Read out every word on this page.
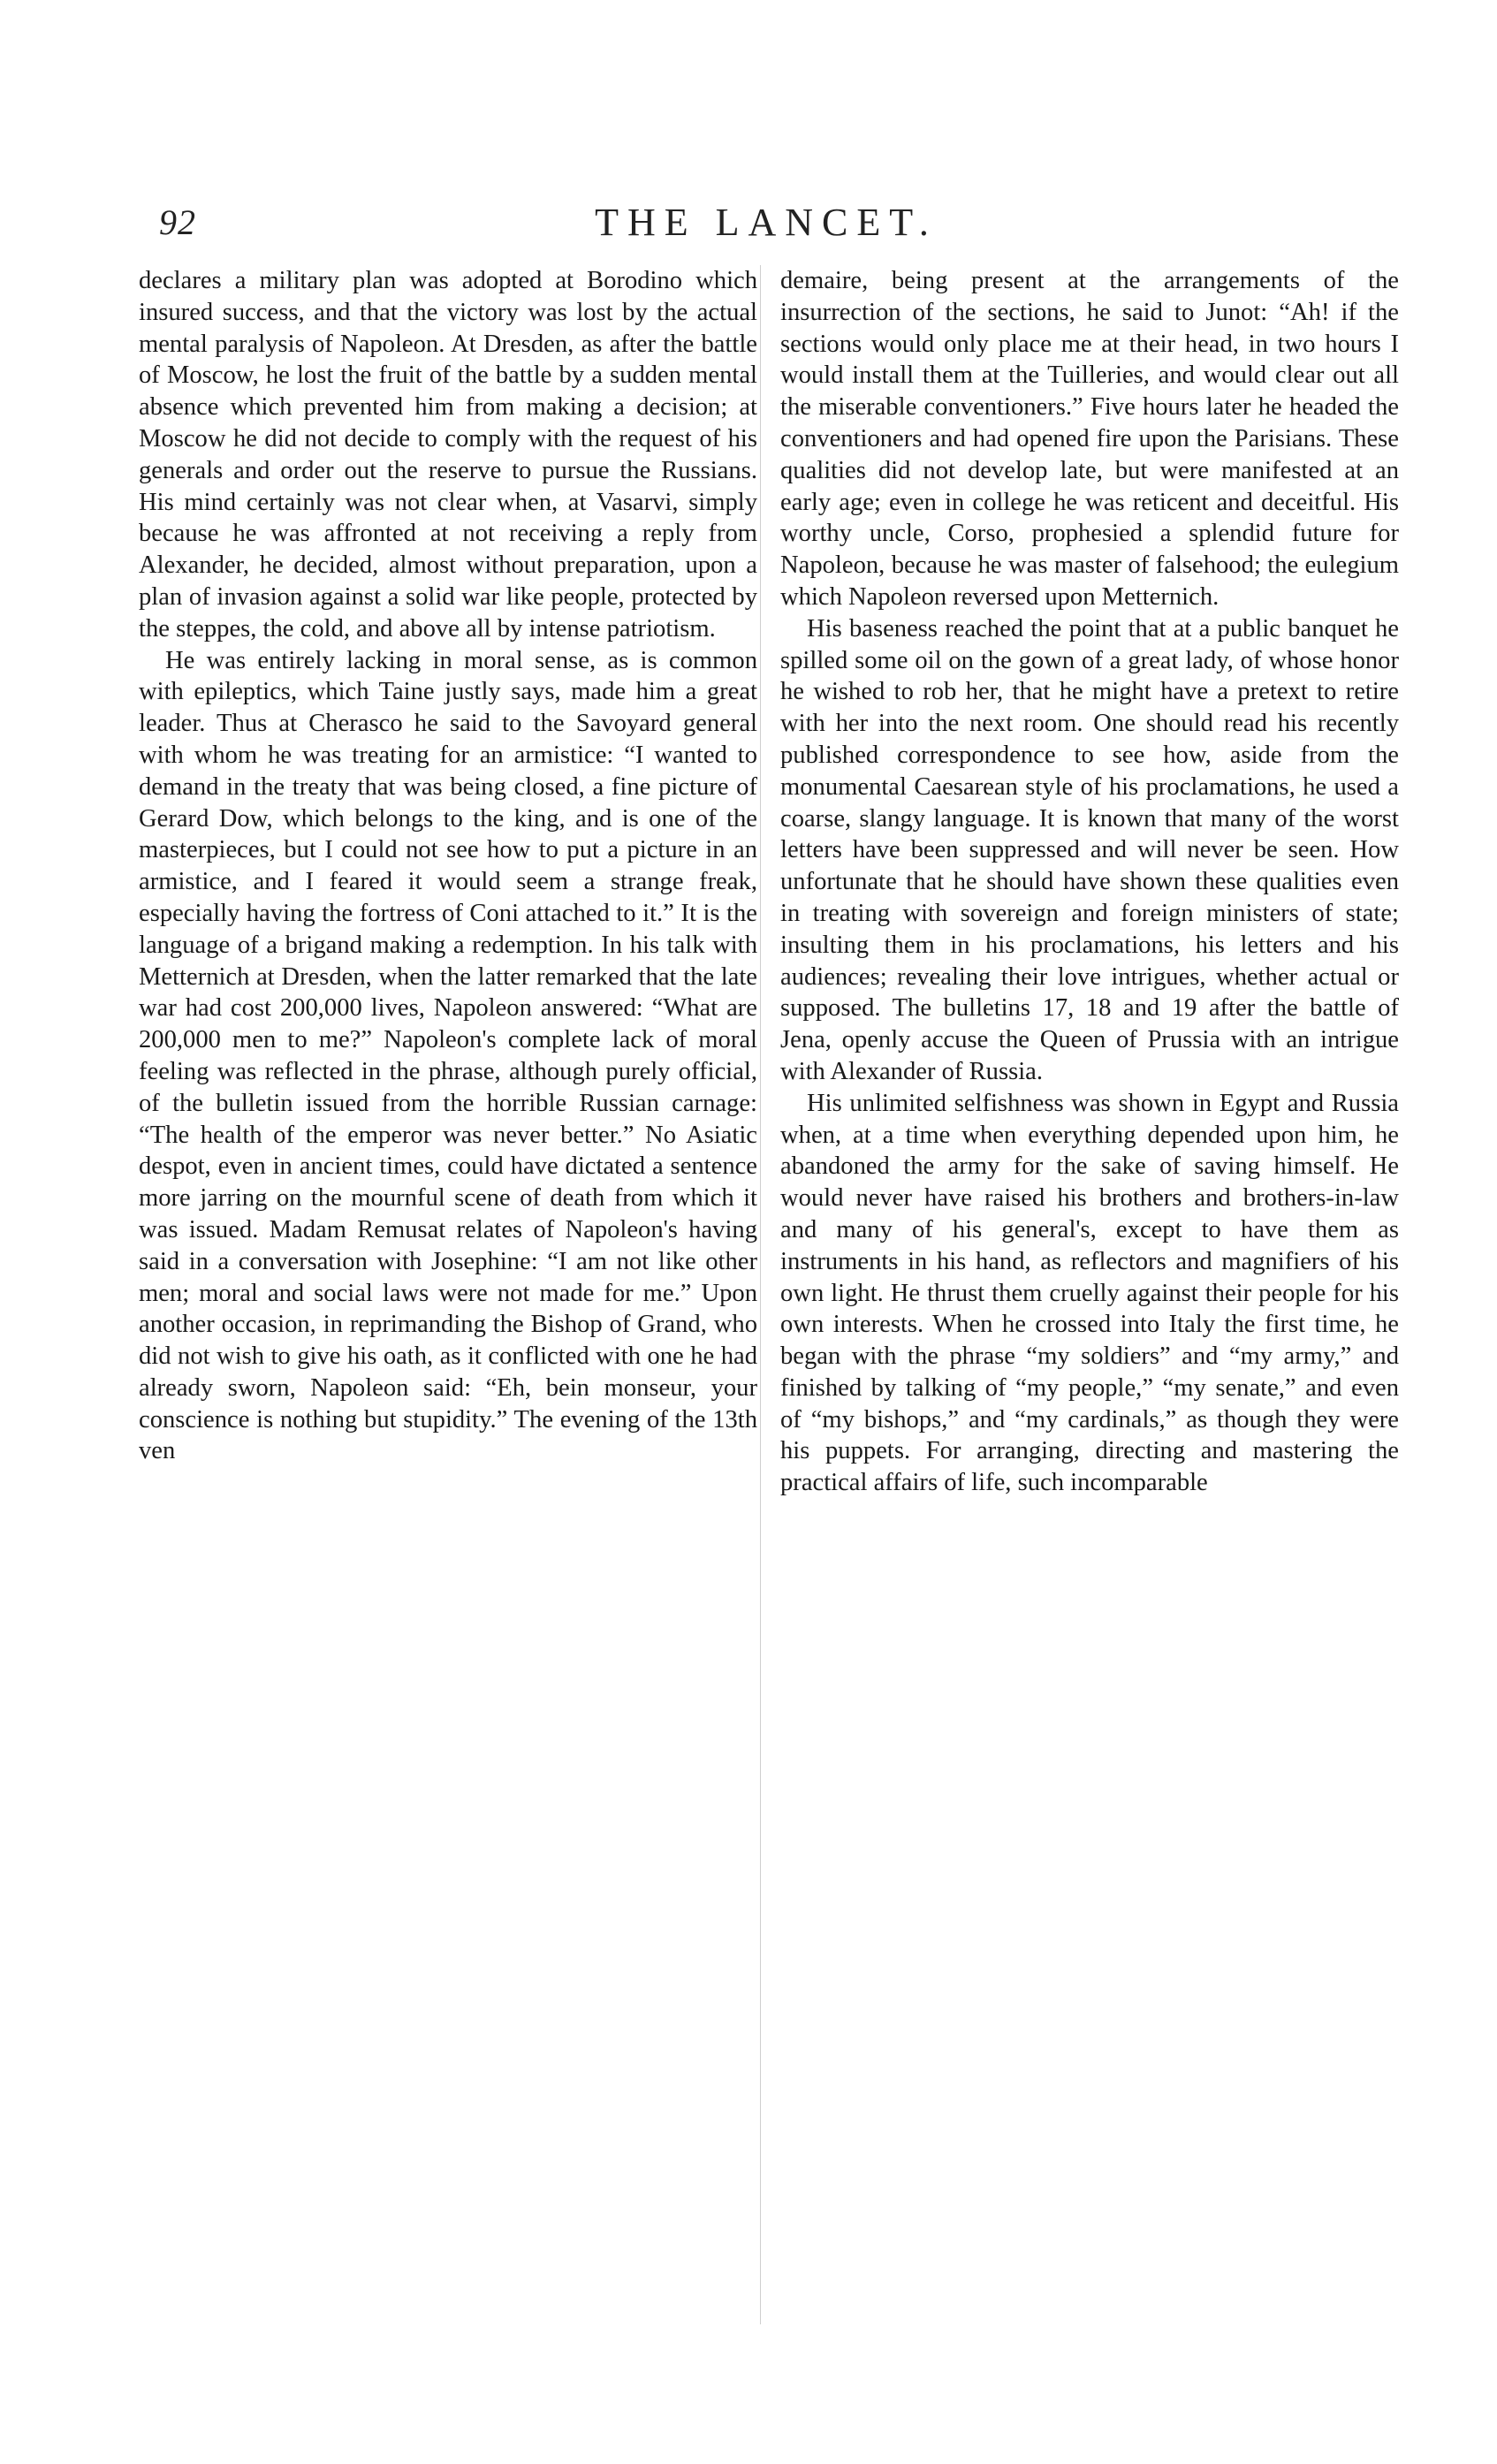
92	THE LANCET.

declares a military plan was adopted at Borodino which insured success, and that the victory was lost by the actual mental paralysis of Napoleon. At Dresden, as after the battle of Moscow, he lost the fruit of the battle by a sudden mental absence which prevented him from making a decision; at Moscow he did not decide to comply with the request of his generals and order out the reserve to pursue the Russians. His mind certainly was not clear when, at Vasarvi, simply because he was affronted at not receiving a reply from Alexander, he decided, almost without preparation, upon a plan of invasion against a solid war like people, protected by the steppes, the cold, and above all by intense patriotism.

He was entirely lacking in moral sense, as is common with epileptics, which Taine justly says, made him a great leader. Thus at Cherasco he said to the Savoyard general with whom he was treating for an armistice: “I wanted to demand in the treaty that was being closed, a fine picture of Gerard Dow, which belongs to the king, and is one of the masterpieces, but I could not see how to put a picture in an armistice, and I feared it would seem a strange freak, especially having the fortress of Coni attached to it.” It is the language of a brigand making a redemption. In his talk with Metternich at Dresden, when the latter remarked that the late war had cost 200,000 lives, Napoleon answered: “What are 200,000 men to me?” Napoleon's complete lack of moral feeling was reflected in the phrase, although purely official, of the bulletin issued from the horrible Russian carnage: “The health of the emperor was never better.” No Asiatic despot, even in ancient times, could have dictated a sentence more jarring on the mournful scene of death from which it was issued. Madam Remusat relates of Napoleon's having said in a conversation with Josephine: “I am not like other men; moral and social laws were not made for me.” Upon another occasion, in reprimanding the Bishop of Grand, who did not wish to give his oath, as it conflicted with one he had already sworn, Napoleon said: “Eh, bein monseur, your conscience is nothing but stupidity.” The evening of the 13th ven

demaire, being present at the arrangements of the insurrection of the sections, he said to Junot: “Ah! if the sections would only place me at their head, in two hours I would install them at the Tuilleries, and would clear out all the miserable conventioners.” Five hours later he headed the conventioners and had opened fire upon the Parisians. These qualities did not develop late, but were manifested at an early age; even in college he was reticent and deceitful. His worthy uncle, Corso, prophesied a splendid future for Napoleon, because he was master of falsehood; the eulegium which Napoleon reversed upon Metternich.

His baseness reached the point that at a public banquet he spilled some oil on the gown of a great lady, of whose honor he wished to rob her, that he might have a pretext to retire with her into the next room. One should read his recently published correspondence to see how, aside from the monumental Caesarean style of his proclamations, he used a coarse, slangy language. It is known that many of the worst letters have been suppressed and will never be seen. How unfortunate that he should have shown these qualities even in treating with sovereign and foreign ministers of state; insulting them in his proclamations, his letters and his audiences; revealing their love intrigues, whether actual or supposed. The bulletins 17, 18 and 19 after the battle of Jena, openly accuse the Queen of Prussia with an intrigue with Alexander of Russia.

His unlimited selfishness was shown in Egypt and Russia when, at a time when everything depended upon him, he abandoned the army for the sake of saving himself. He would never have raised his brothers and brothers-in-law and many of his general's, except to have them as instruments in his hand, as reflectors and magnifiers of his own light. He thrust them cruelly against their people for his own interests. When he crossed into Italy the first time, he began with the phrase “my soldiers” and “my army,” and finished by talking of “my people,” “my senate,” and even of “my bishops,” and “my cardinals,” as though they were his puppets. For arranging, directing and mastering the practical affairs of life, such incomparable
